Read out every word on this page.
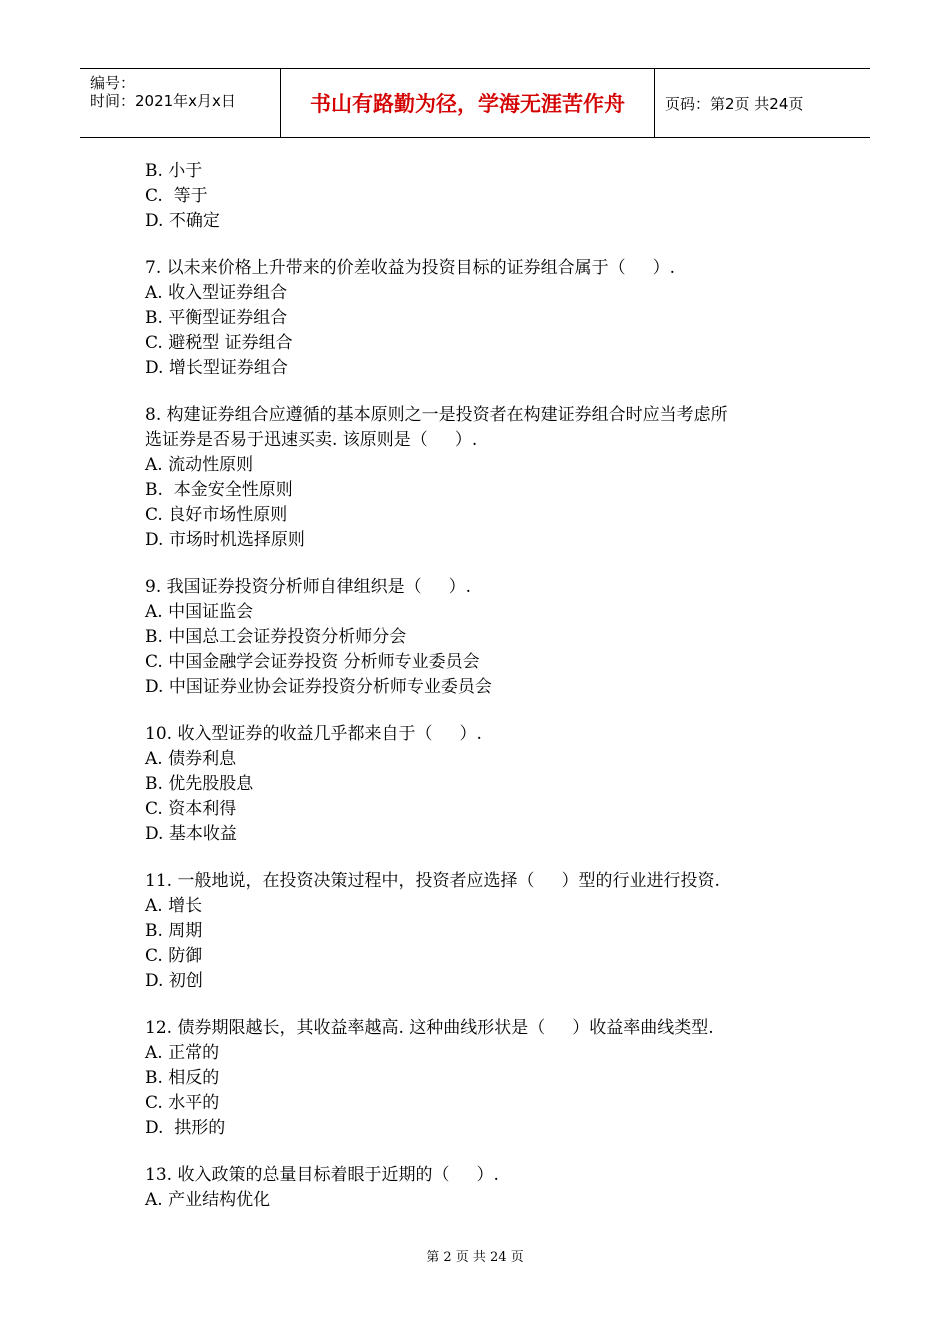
编号：
时间：2021年x月x日	书山有路勤为径，学海无涯苦作舟	页码：第2页 共24页
B. 小于
C.  等于
D. 不确定
7. 以未来价格上升带来的价差收益为投资目标的证券组合属于（     ）.
A. 收入型证券组合
B. 平衡型证券组合
C. 避税型 证券组合
D. 增长型证券组合
8. 构建证券组合应遵循的基本原则之一是投资者在构建证券组合时应当考虑所
选证券是否易于迅速买卖. 该原则是（     ）.
A. 流动性原则
B.  本金安全性原则
C. 良好市场性原则
D. 市场时机选择原则
9. 我国证券投资分析师自律组织是（     ）.
A. 中国证监会
B. 中国总工会证券投资分析师分会
C. 中国金融学会证券投资 分析师专业委员会
D. 中国证券业协会证券投资分析师专业委员会
10. 收入型证券的收益几乎都来自于（     ）.
A. 债券利息
B. 优先股股息
C. 资本利得
D. 基本收益
11. 一般地说，在投资决策过程中，投资者应选择（     ）型的行业进行投资.
A. 增长
B. 周期
C. 防御
D. 初创
12. 债券期限越长，其收益率越高. 这种曲线形状是（     ）收益率曲线类型.
A. 正常的
B. 相反的
C. 水平的
D.  拱形的
13. 收入政策的总量目标着眼于近期的（     ）.
A. 产业结构优化
第 2 页 共 24 页
